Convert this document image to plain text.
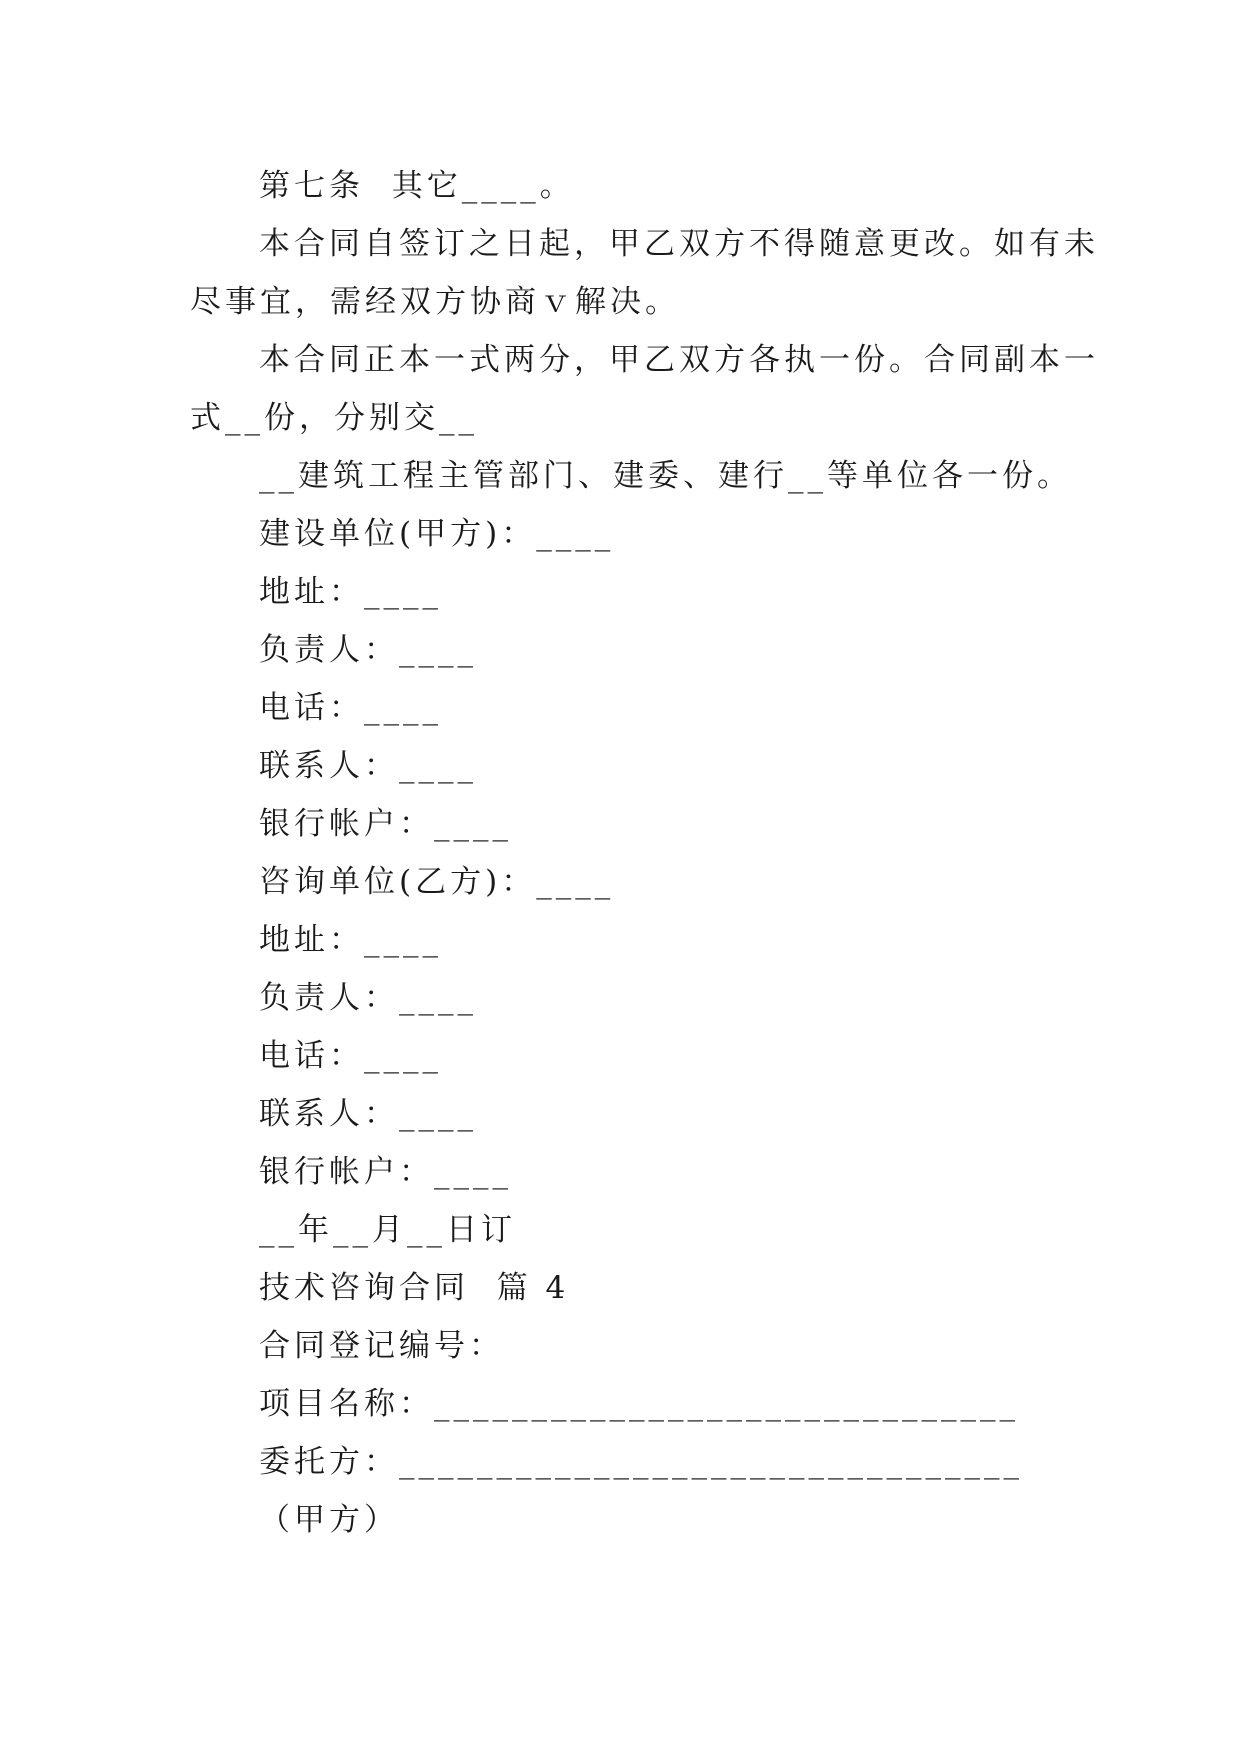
第七条  其它____。
本合同自签订之日起，甲乙双方不得随意更改。如有未
尽事宜，需经双方协商ｖ解决。
本合同正本一式两分，甲乙双方各执一份。合同副本一
式__份，分别交__
__建筑工程主管部门、建委、建行__等单位各一份。
建设单位(甲方)：____
地址：____
负责人：____
电话：____
联系人：____
银行帐户：____
咨询单位(乙方)：____
地址：____
负责人：____
电话：____
联系人：____
银行帐户：____
__年__月__日订
技术咨询合同  篇 4
合同登记编号：
项目名称：______________________________
委托方：________________________________
（甲方）
